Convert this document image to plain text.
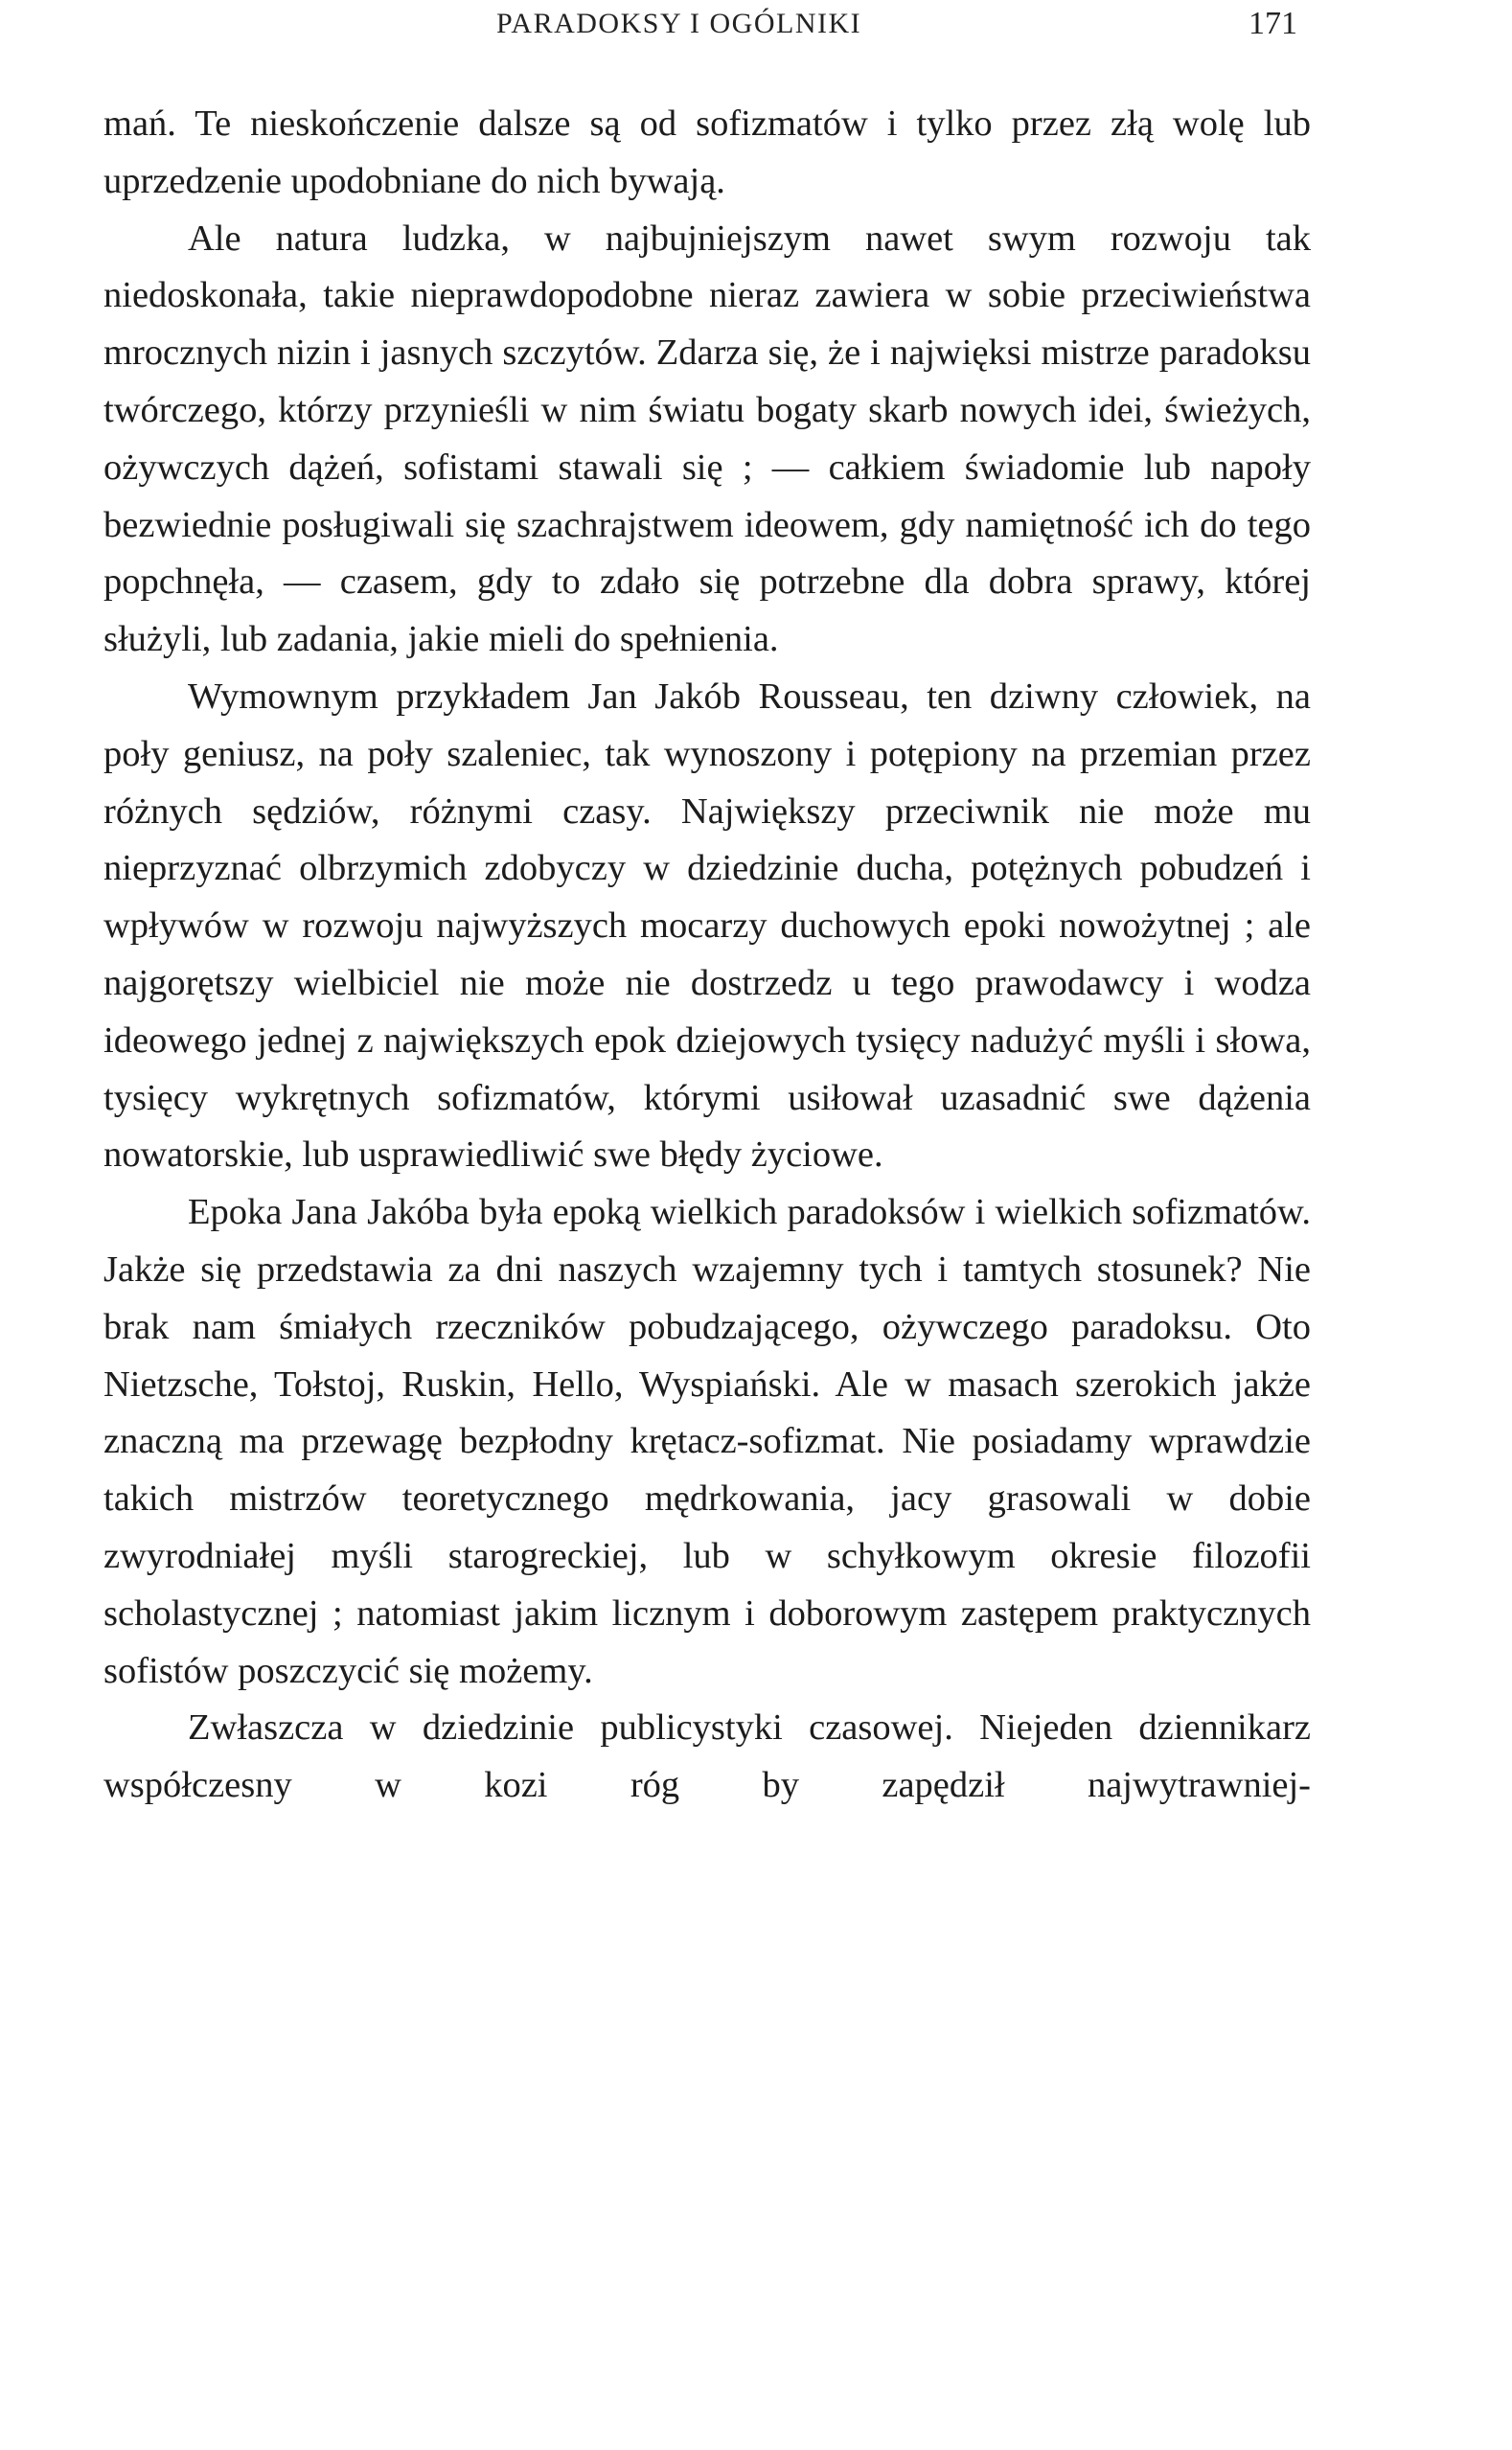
PARADOKSY I OGÓLNIKI	171

mań. Te nieskończenie dalsze są od sofizmatów i tylko przez złą wolę lub uprzedzenie upodobniane do nich bywają.

Ale natura ludzka, w najbujniejszym nawet swym rozwoju tak niedoskonała, takie nieprawdopodobne nieraz zawiera w sobie przeciwieństwa mrocznych nizin i jasnych szczytów. Zdarza się, że i najwięksi mistrze paradoksu twórczego, którzy przynieśli w nim światu bogaty skarb nowych idei, świeżych, ożywczych dążeń, sofistami stawali się ; — całkiem świadomie lub napoły bezwiednie posługiwali się szachrajstwem ideowem, gdy namiętność ich do tego popchnęła, — czasem, gdy to zdało się potrzebne dla dobra sprawy, której służyli, lub zadania, jakie mieli do spełnienia.

Wymownym przykładem Jan Jakób Rousseau, ten dziwny człowiek, na poły geniusz, na poły szaleniec, tak wynoszony i potępiony na przemian przez różnych sędziów, różnymi czasy. Największy przeciwnik nie może mu nieprzyznać olbrzymich zdobyczy w dziedzinie ducha, potężnych pobudzeń i wpływów w rozwoju najwyższych mocarzy duchowych epoki nowożytnej ; ale najgorętszy wielbiciel nie może nie dostrzedz u tego prawodawcy i wodza ideowego jednej z największych epok dziejowych tysięcy nadużyć myśli i słowa, tysięcy wykrętnych sofizmatów, którymi usiłował uzasadnić swe dążenia nowatorskie, lub usprawiedliwić swe błędy życiowe.

Epoka Jana Jakóba była epoką wielkich paradoksów i wielkich sofizmatów. Jakże się przedstawia za dni naszych wzajemny tych i tamtych stosunek? Nie brak nam śmiałych rzeczników pobudzającego, ożywczego paradoksu. Oto Nietzsche, Tołstoj, Ruskin, Hello, Wyspiański. Ale w masach szerokich jakże znaczną ma przewagę bezpłodny krętacz-sofizmat. Nie posiadamy wprawdzie takich mistrzów teoretycznego mędrkowania, jacy grasowali w dobie zwyrodniałej myśli starogreckiej, lub w schyłkowym okresie filozofii scholastycznej ; natomiast jakim licznym i doborowym zastępem praktycznych sofistów poszczycić się możemy.

Zwłaszcza w dziedzinie publicystyki czasowej. Niejeden dziennikarz współczesny w kozi róg by zapędził najwytrawniej-
